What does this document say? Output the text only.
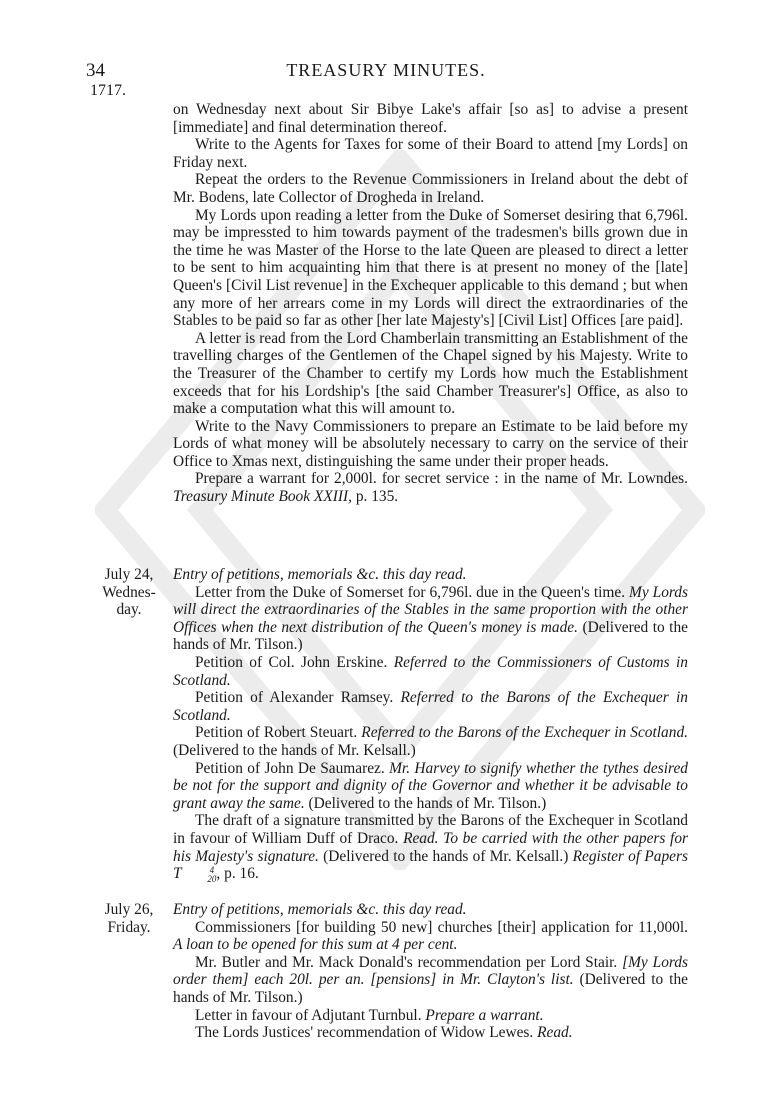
34	TREASURY MINUTES.
1717.

on Wednesday next about Sir Bibye Lake's affair [so as] to advise a present [immediate] and final determination thereof.

Write to the Agents for Taxes for some of their Board to attend [my Lords] on Friday next.

Repeat the orders to the Revenue Commissioners in Ireland about the debt of Mr. Bodens, late Collector of Drogheda in Ireland.

My Lords upon reading a letter from the Duke of Somerset desiring that 6,796l. may be impressted to him towards payment of the tradesmen's bills grown due in the time he was Master of the Horse to the late Queen are pleased to direct a letter to be sent to him acquainting him that there is at present no money of the [late] Queen's [Civil List revenue] in the Exchequer applicable to this demand ; but when any more of her arrears come in my Lords will direct the extraordinaries of the Stables to be paid so far as other [her late Majesty's] [Civil List] Offices [are paid].

A letter is read from the Lord Chamberlain transmitting an Establishment of the travelling charges of the Gentlemen of the Chapel signed by his Majesty. Write to the Treasurer of the Chamber to certify my Lords how much the Establishment exceeds that for his Lordship's [the said Chamber Treasurer's] Office, as also to make a computation what this will amount to.

Write to the Navy Commissioners to prepare an Estimate to be laid before my Lords of what money will be absolutely necessary to carry on the service of their Office to Xmas next, distinguishing the same under their proper heads.

Prepare a warrant for 2,000l. for secret service : in the name of Mr. Lowndes. Treasury Minute Book XXIII, p. 135.

July 24,
Wednes-
day.

Entry of petitions, memorials &c. this day read.

Letter from the Duke of Somerset for 6,796l. due in the Queen's time. My Lords will direct the extraordinaries of the Stables in the same proportion with the other Offices when the next distribution of the Queen's money is made. (Delivered to the hands of Mr. Tilson.)

Petition of Col. John Erskine. Referred to the Commissioners of Customs in Scotland.

Petition of Alexander Ramsey. Referred to the Barons of the Exchequer in Scotland.

Petition of Robert Steuart. Referred to the Barons of the Exchequer in Scotland. (Delivered to the hands of Mr. Kelsall.)

Petition of John De Saumarez. Mr. Harvey to signify whether the tythes desired be not for the support and dignity of the Governor and whether it be advisable to grant away the same. (Delivered to the hands of Mr. Tilson.)

The draft of a signature transmitted by the Barons of the Exchequer in Scotland in favour of William Duff of Draco. Read. To be carried with the other papers for his Majesty's signature. (Delivered to the hands of Mr. Kelsall.) Register of Papers T	4
20 , p. 16.

July 26,
Friday.

Entry of petitions, memorials &c. this day read.

Commissioners [for building 50 new] churches [their] application for 11,000l. A loan to be opened for this sum at 4 per cent.

Mr. Butler and Mr. Mack Donald's recommendation per Lord Stair. [My Lords order them] each 20l. per an. [pensions] in Mr. Clayton's list. (Delivered to the hands of Mr. Tilson.)

Letter in favour of Adjutant Turnbul. Prepare a warrant.

The Lords Justices' recommendation of Widow Lewes. Read.
